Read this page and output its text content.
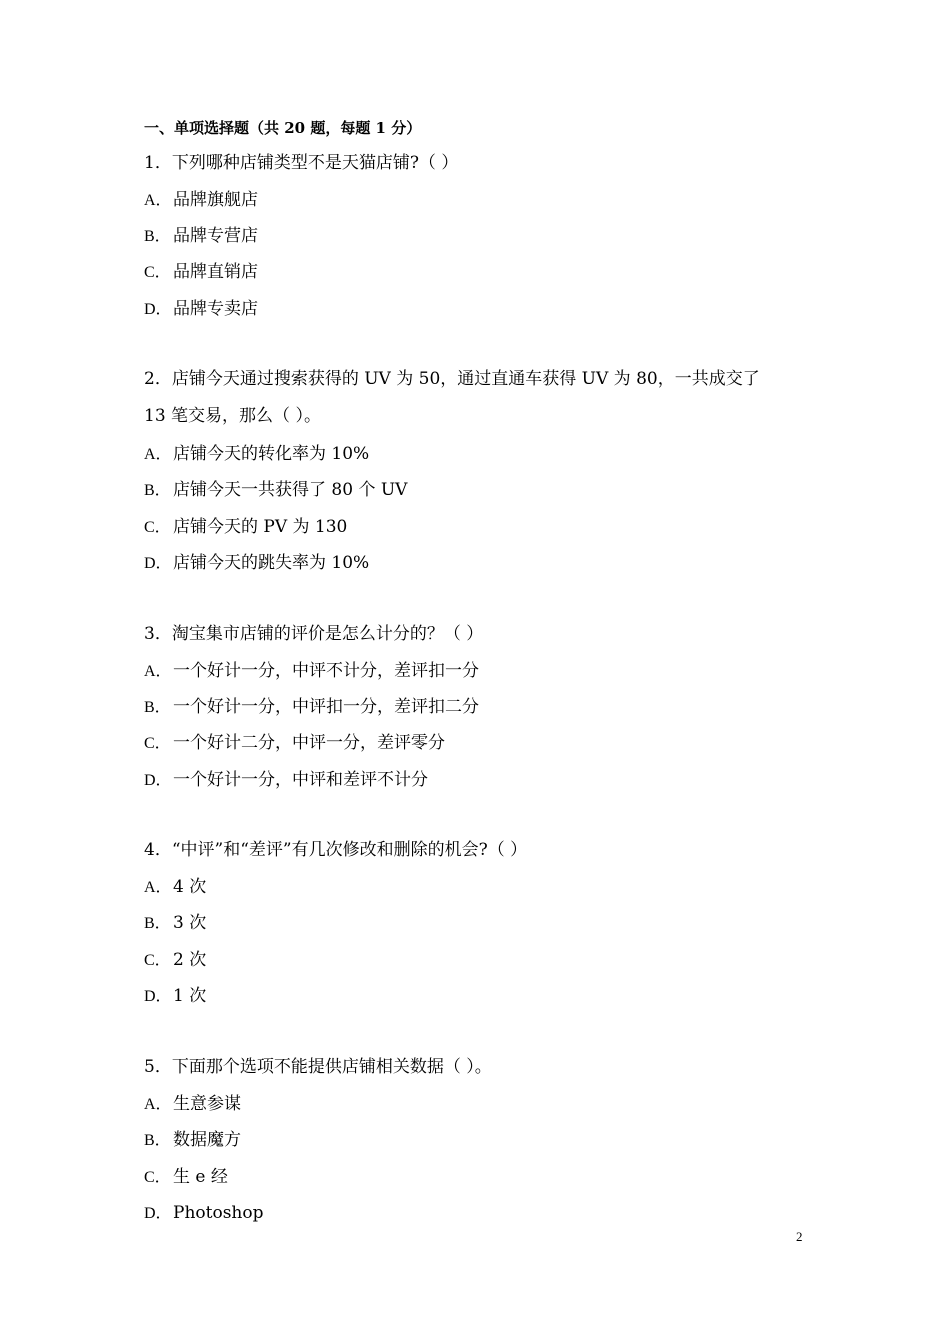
一、单项选择题（共 20 题，每题 1 分）
1．下列哪种店铺类型不是天猫店铺?（ ）
A．品牌旗舰店
B． 品牌专营店
C． 品牌直销店
D．品牌专卖店
2．店铺今天通过搜索获得的 UV 为 50，通过直通车获得 UV 为 80，一共成交了
13 笔交易，那么（ ）。
A．店铺今天的转化率为 10%
B． 店铺今天一共获得了 80 个 UV
C． 店铺今天的 PV 为 130
D．店铺今天的跳失率为 10%
3．淘宝集市店铺的评价是怎么计分的？（ ）
A．一个好计一分，中评不计分，差评扣一分
B． 一个好计一分，中评扣一分，差评扣二分
C． 一个好计二分，中评一分，差评零分
D．一个好计一分，中评和差评不计分
4．“中评”和“差评”有几次修改和删除的机会?（ ）
A．4 次
B． 3 次
C． 2 次
D．1 次
5．下面那个选项不能提供店铺相关数据（ ）。
A．生意参谋
B． 数据魔方
C． 生 e 经
D．Photoshop
2
